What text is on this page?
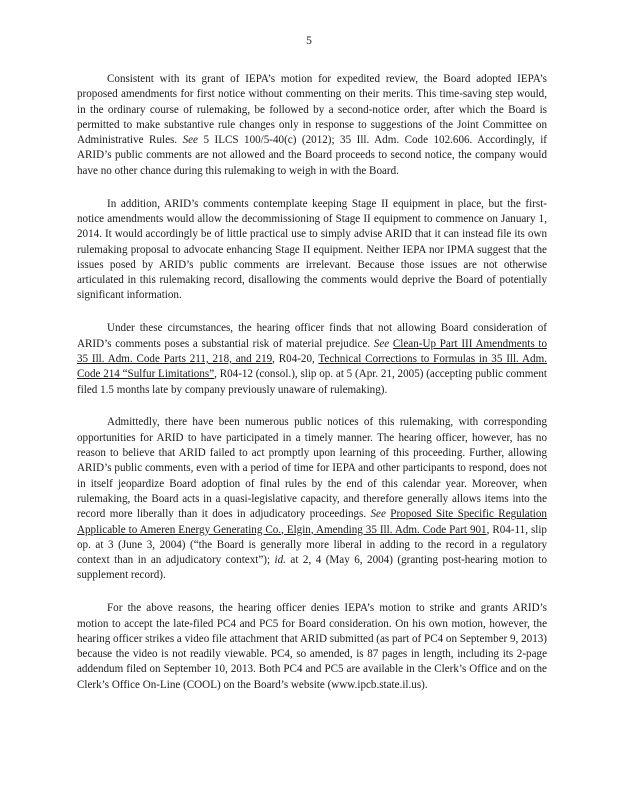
5

Consistent with its grant of IEPA’s motion for expedited review, the Board adopted IEPA’s proposed amendments for first notice without commenting on their merits. This time-saving step would, in the ordinary course of rulemaking, be followed by a second-notice order, after which the Board is permitted to make substantive rule changes only in response to suggestions of the Joint Committee on Administrative Rules. See 5 ILCS 100/5-40(c) (2012); 35 Ill. Adm. Code 102.606. Accordingly, if ARID’s public comments are not allowed and the Board proceeds to second notice, the company would have no other chance during this rulemaking to weigh in with the Board.

In addition, ARID’s comments contemplate keeping Stage II equipment in place, but the first-notice amendments would allow the decommissioning of Stage II equipment to commence on January 1, 2014. It would accordingly be of little practical use to simply advise ARID that it can instead file its own rulemaking proposal to advocate enhancing Stage II equipment. Neither IEPA nor IPMA suggest that the issues posed by ARID’s public comments are irrelevant. Because those issues are not otherwise articulated in this rulemaking record, disallowing the comments would deprive the Board of potentially significant information.

Under these circumstances, the hearing officer finds that not allowing Board consideration of ARID’s comments poses a substantial risk of material prejudice. See Clean-Up Part III Amendments to 35 Ill. Adm. Code Parts 211, 218, and 219, R04-20, Technical Corrections to Formulas in 35 Ill. Adm. Code 214 “Sulfur Limitations”, R04-12 (consol.), slip op. at 5 (Apr. 21, 2005) (accepting public comment filed 1.5 months late by company previously unaware of rulemaking).

Admittedly, there have been numerous public notices of this rulemaking, with corresponding opportunities for ARID to have participated in a timely manner. The hearing officer, however, has no reason to believe that ARID failed to act promptly upon learning of this proceeding. Further, allowing ARID’s public comments, even with a period of time for IEPA and other participants to respond, does not in itself jeopardize Board adoption of final rules by the end of this calendar year. Moreover, when rulemaking, the Board acts in a quasi-legislative capacity, and therefore generally allows items into the record more liberally than it does in adjudicatory proceedings. See Proposed Site Specific Regulation Applicable to Ameren Energy Generating Co., Elgin, Amending 35 Ill. Adm. Code Part 901, R04-11, slip op. at 3 (June 3, 2004) (“the Board is generally more liberal in adding to the record in a regulatory context than in an adjudicatory context”); id. at 2, 4 (May 6, 2004) (granting post-hearing motion to supplement record).

For the above reasons, the hearing officer denies IEPA’s motion to strike and grants ARID’s motion to accept the late-filed PC4 and PC5 for Board consideration. On his own motion, however, the hearing officer strikes a video file attachment that ARID submitted (as part of PC4 on September 9, 2013) because the video is not readily viewable. PC4, so amended, is 87 pages in length, including its 2-page addendum filed on September 10, 2013. Both PC4 and PC5 are available in the Clerk’s Office and on the Clerk’s Office On-Line (COOL) on the Board’s website (www.ipcb.state.il.us).
